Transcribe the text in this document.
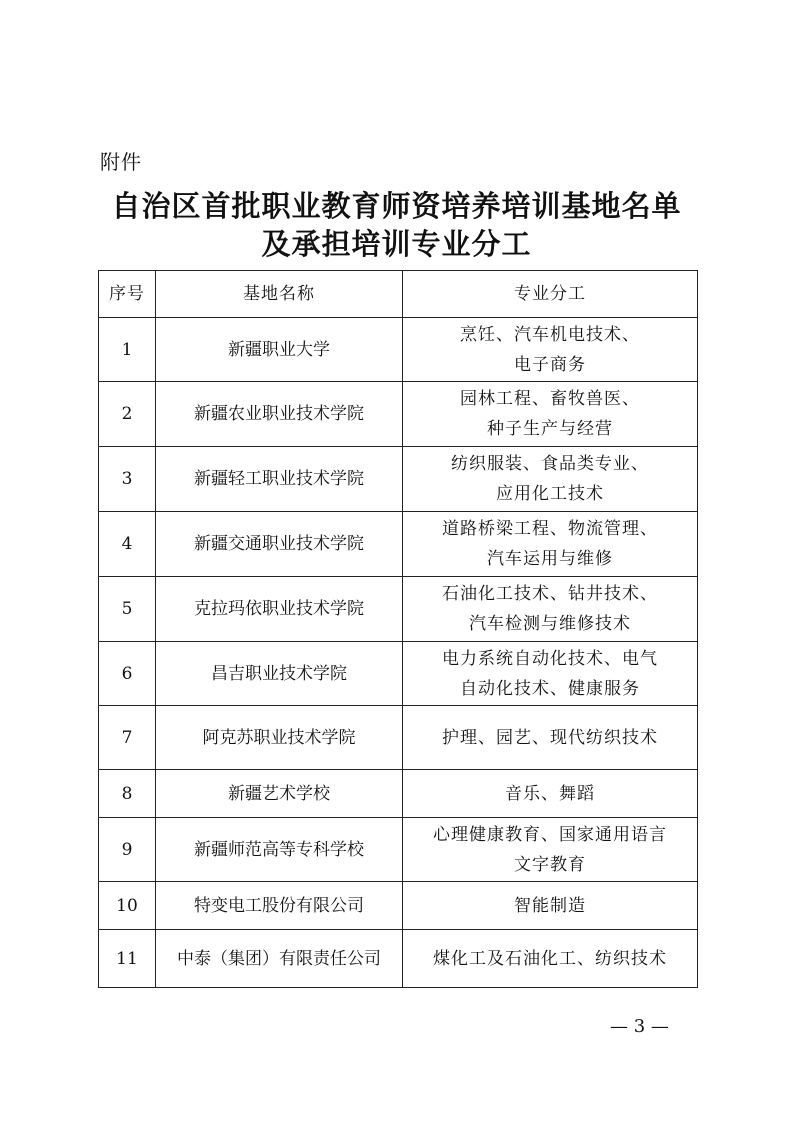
附件
自治区首批职业教育师资培养培训基地名单
及承担培训专业分工
序号	基地名称	专业分工
1	新疆职业大学	烹饪、汽车机电技术、
电子商务

2	新疆农业职业技术学院	园林工程、畜牧兽医、
种子生产与经营

3	新疆轻工职业技术学院	纺织服装、食品类专业、
应用化工技术

4	新疆交通职业技术学院	道路桥梁工程、物流管理、
汽车运用与维修

5	克拉玛依职业技术学院	石油化工技术、钻井技术、
汽车检测与维修技术

6	昌吉职业技术学院	电力系统自动化技术、电气
自动化技术、健康服务

7	阿克苏职业技术学院	护理、园艺、现代纺织技术

8	新疆艺术学校	音乐、舞蹈

9	新疆师范高等专科学校	心理健康教育、国家通用语言
文字教育

10	特变电工股份有限公司	智能制造

11	中泰（集团）有限责任公司	煤化工及石油化工、纺织技术
— 3 —
